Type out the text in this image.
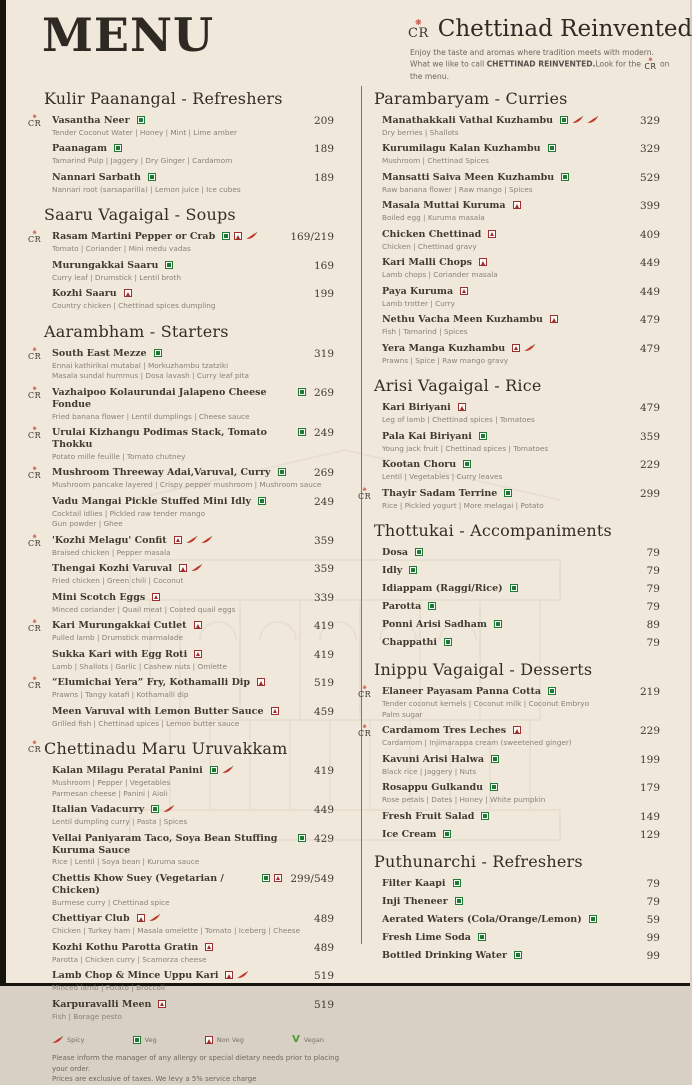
MENU	❋
CR Chettinad Reinvented

Enjoy the taste and aromas where tradition meets with modern. What we like to call CHETTINAD REINVENTED.Look for the ❋
CR on the menu.

Kulir Paanangal - Refreshers
❋
CR Vasantha Neer	209
Tender Coconut Water | Honey | Mint | Lime amber
Paanagam	189
Tamarind Pulp | Jaggery | Dry Ginger | Cardamom
Nannari Sarbath	189
Nannari root (sarsaparilla) | Lemon juice | Ice cubes
Saaru Vagaigal - Soups
❋
CR Rasam Martini Pepper or Crab	169/219
Tomato | Coriander | Mini medu vadas
Murungakkai Saaru	169
Curry leaf | Drumstick | Lentil broth
Kozhi Saaru	199
Country chicken | Chettinad spices dumpling
Aarambham - Starters
❋
CR South East Mezze	319
Ennai kathirikai mutabal | Morkuzhambu tzatziki
Masala sundal hummus | Dosa lavash | Curry leaf pita
❋
CR Vazhaipoo Kolaurundai Jalapeno Cheese Fondue
269
Fried banana flower | Lentil dumplings | Cheese sauce
❋
CR Urulai Kizhangu Podimas Stack, Tomato Thokku
249
Potato mille feuille | Tomato chutney
❋
CR Mushroom Threeway Adai,Varuval, Curry	269
Mushroom pancake layered | Crispy pepper mushroom | Mushroom sauce
Vadu Mangai Pickle Stuffed Mini Idly	249
Cocktail idlies | Pickled raw tender mango
Gun powder | Ghee
❋
CR 'Kozhi Melagu' Confit	359
Braised chicken | Pepper masala
Thengai Kozhi Varuval	359
Fried chicken | Green chili | Coconut
Mini Scotch Eggs	339
Minced coriander | Quail meat | Coated quail eggs
❋
CR Kari Murungakkai Cutlet	419
Pulled lamb | Drumstick marmalade
Sukka Kari with Egg Roti	419
Lamb | Shallots | Garlic | Cashew nuts | Omlette
❋
CR “Elumichai Yera” Fry, Kothamalli Dip	519
Prawns | Tangy katafi | Kothamalli dip
Meen Varuval with Lemon Butter Sauce	459
Grilled fish | Chettinad spices | Lemon butter sauce
Chettinadu Maru Uruvakkam
❋
CR
Kalan Milagu Peratal Panini	419
Mushroom | Pepper | Vegetables
Parmesan cheese | Panini | Aioli
Italian Vadacurry	449
Lentil dumpling curry | Pasta | Spices
Vellai Paniyaram Taco, Soya Bean Stuffing Kuruma Sauce
429
Rice | Lentil | Soya bean | Kuruma sauce
Chettis Khow Suey (Vegetarian / Chicken)
299/549
Burmese curry | Chettinad spice
Chettiyar Club	489
Chicken | Turkey ham | Masala omelette | Tomato | Iceberg | Cheese
Kozhi Kothu Parotta Gratin	489
Parotta | Chicken curry | Scamorza cheese
Lamb Chop & Mince Uppu Kari	519
Minced lamb | Potato | Broccoli
Karpuravalli Meen	519
Fish | Borage pesto
Spicy	Veg	Non Veg	V Vegan

Please inform the manager of any allergy or special dietary needs prior to placing your order.
Prices are exclusive of taxes. We levy a 5% service charge

Parambaryam - Curries
Manathakkali Vathal Kuzhambu	329
Dry berries | Shallots
Kurumilagu Kalan Kuzhambu	329
Mushroom | Chettinad Spices
Mansatti Saiva Meen Kuzhambu	529
Raw banana flower | Raw mango | Spices
Masala Muttai Kuruma	399
Boiled egg | Kuruma masala
Chicken Chettinad	409
Chicken | Chettinad gravy
Kari Malli Chops	449
Lamb chops | Coriander masala
Paya Kuruma	449
Lamb trotter | Curry
Nethu Vacha Meen Kuzhambu	479
Fish | Tamarind | Spices
Yera Manga Kuzhambu	479
Prawns | Spice | Raw mango gravy
Arisi Vagaigal - Rice
Kari Biriyani	479
Leg of lamb | Chettinad spices | Tomatoes
Pala Kai Biriyani	359
Young jack fruit | Chettinad spices | Tomatoes
Kootan Choru	229
Lentil | Vegetables | Curry leaves
❋
CR Thayir Sadam Terrine	299
Rice | Pickled yogurt | More melagai | Potato
Thottukai - Accompaniments
Dosa	79
Idly	79
Idiappam (Raggi/Rice)	79
Parotta	79
Ponni Arisi Sadham	89
Chappathi	79
Inippu Vagaigal - Desserts
❋
CR Elaneer Payasam Panna Cotta	219
Tender coconut kernels | Coconut milk | Coconut Embryo
Palm sugar
❋
CR Cardamom Tres Leches	229
Cardamom | Injimarappa cream (sweetened ginger)
Kavuni Arisi Halwa	199
Black rice | Jaggery | Nuts
Rosappu Gulkandu	179
Rose petals | Dates | Honey | White pumpkin
Fresh Fruit Salad	149
Ice Cream	129
Puthunarchi - Refreshers
Filter Kaapi	79
Inji Theneer	79
Aerated Waters (Cola/Orange/Lemon)	59
Fresh Lime Soda	99
Bottled Drinking Water	99
